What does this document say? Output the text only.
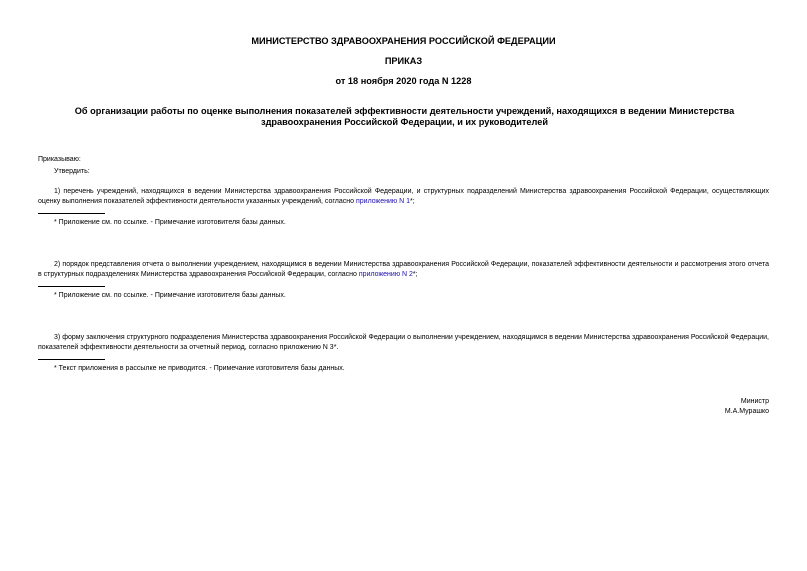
МИНИСТЕРСТВО ЗДРАВООХРАНЕНИЯ РОССИЙСКОЙ ФЕДЕРАЦИИ
ПРИКАЗ
от 18 ноября 2020 года N 1228
Об организации работы по оценке выполнения показателей эффективности деятельности учреждений, находящихся в ведении Министерства здравоохранения Российской Федерации, и их руководителей
Приказываю:
Утвердить:
1) перечень учреждений, находящихся в ведении Министерства здравоохранения Российской Федерации, и структурных подразделений Министерства здравоохранения Российской Федерации, осуществляющих оценку выполнения показателей эффективности деятельности указанных учреждений, согласно приложению N 1*;
* Приложение см. по ссылке. - Примечание изготовителя базы данных.
2) порядок представления отчета о выполнении учреждением, находящимся в ведении Министерства здравоохранения Российской Федерации, показателей эффективности деятельности и рассмотрения этого отчета в структурных подразделениях Министерства здравоохранения Российской Федерации, согласно приложению N 2*;
* Приложение см. по ссылке. - Примечание изготовителя базы данных.
3) форму заключения структурного подразделения Министерства здравоохранения Российской Федерации о выполнении учреждением, находящимся в ведении Министерства здравоохранения Российской Федерации, показателей эффективности деятельности за отчетный период, согласно приложению N 3*.
* Текст приложения в рассылке не приводится. - Примечание изготовителя базы данных.
Министр
М.А.Мурашко
